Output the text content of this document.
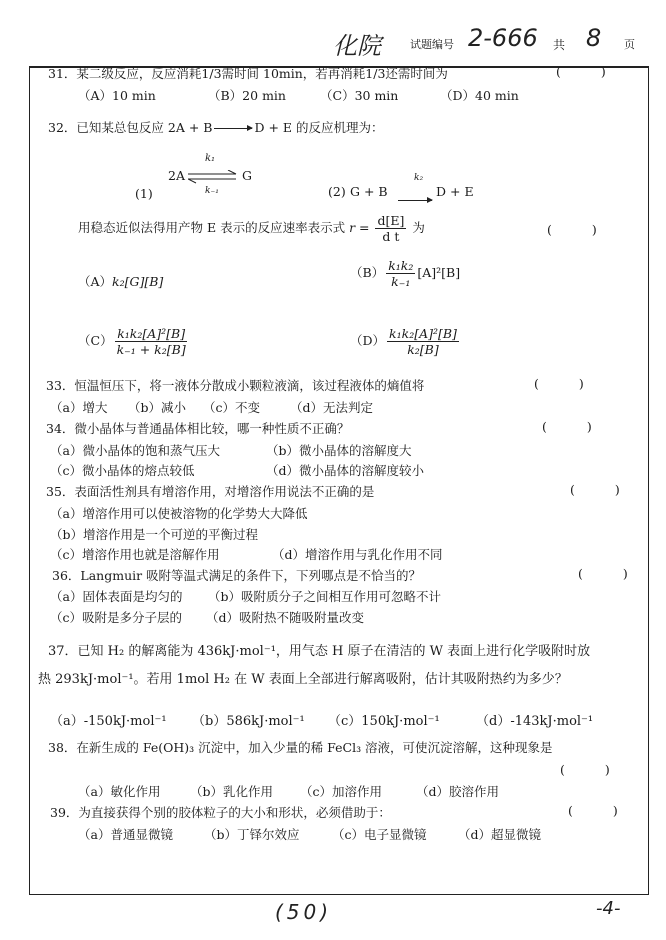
化院	试题编号 2-666 共 8 页
31．某二级反应，反应消耗1/3需时间 10min，若再消耗1/3还需时间为	( )
（A）10 min	（B）20 min	（C）30 min	（D）40 min
32．已知某总包反应 2A + B → D + E 的反应机理为：
(1)
2A
k₁
k₋₁
G
(2) G + B
k₂
D + E
用稳态近似法得用产物 E 表示的反应速率表示式 $r = \frac{d[E]}{\text{d t}}$ 为	( )
（A）k₂[G][B]
$(B) \frac{\text{k₁k₂}}{\text{k₋₁}} [A]^2[B]$
$(C) \frac{\text{k₁k₂[A]²[B]}}{\text{k₋₁ + k₂[B]}}$	$(D) \frac{\text{k₁k₂[A]²[B]}}{\text{k₂[B]}}$
33．恒温恒压下，将一液体分散成小颗粒液滴，该过程液体的熵值将	( )
（a）增大 （b）减小 （c）不变 （d）无法判定
34．微小晶体与普通晶体相比较，哪一种性质不正确？	( )
（a）微小晶体的饱和蒸气压大	（b）微小晶体的溶解度大
（c）微小晶体的熔点较低	（d）微小晶体的溶解度较小
35．表面活性剂具有增溶作用，对增溶作用说法不正确的是	( )
（a）增溶作用可以使被溶物的化学势大大降低
（b）增溶作用是一个可逆的平衡过程
（c）增溶作用也就是溶解作用	（d）增溶作用与乳化作用不同
36．Langmuir 吸附等温式满足的条件下，下列哪点是不恰当的？	( )
（a）固体表面是均匀的 （b）吸附质分子之间相互作用可忽略不计
（c）吸附是多分子层的 （d）吸附热不随吸附量改变
37．已知 H₂ 的解离能为 436kJ·mol⁻¹，用气态 H 原子在清洁的 W 表面上进行化学吸附时放
热 293kJ·mol⁻¹。若用 1mol H₂ 在 W 表面上全部进行解离吸附，估计其吸附热约为多少？
（a）-150kJ·mol⁻¹ （b）586kJ·mol⁻¹ （c）150kJ·mol⁻¹	（d）-143kJ·mol⁻¹
38．在新生成的 Fe(OH)₃ 沉淀中，加入少量的稀 FeCl₃ 溶液，可使沉淀溶解，这种现象是
( )
（a）敏化作用 （b）乳化作用 （c）加溶作用	（d）胶溶作用
39．为直接获得个别的胶体粒子的大小和形状，必须借助于：	( )
（a）普通显微镜 （b）丁铎尔效应	（c）电子显微镜	（d）超显微镜
(50)	-4-
